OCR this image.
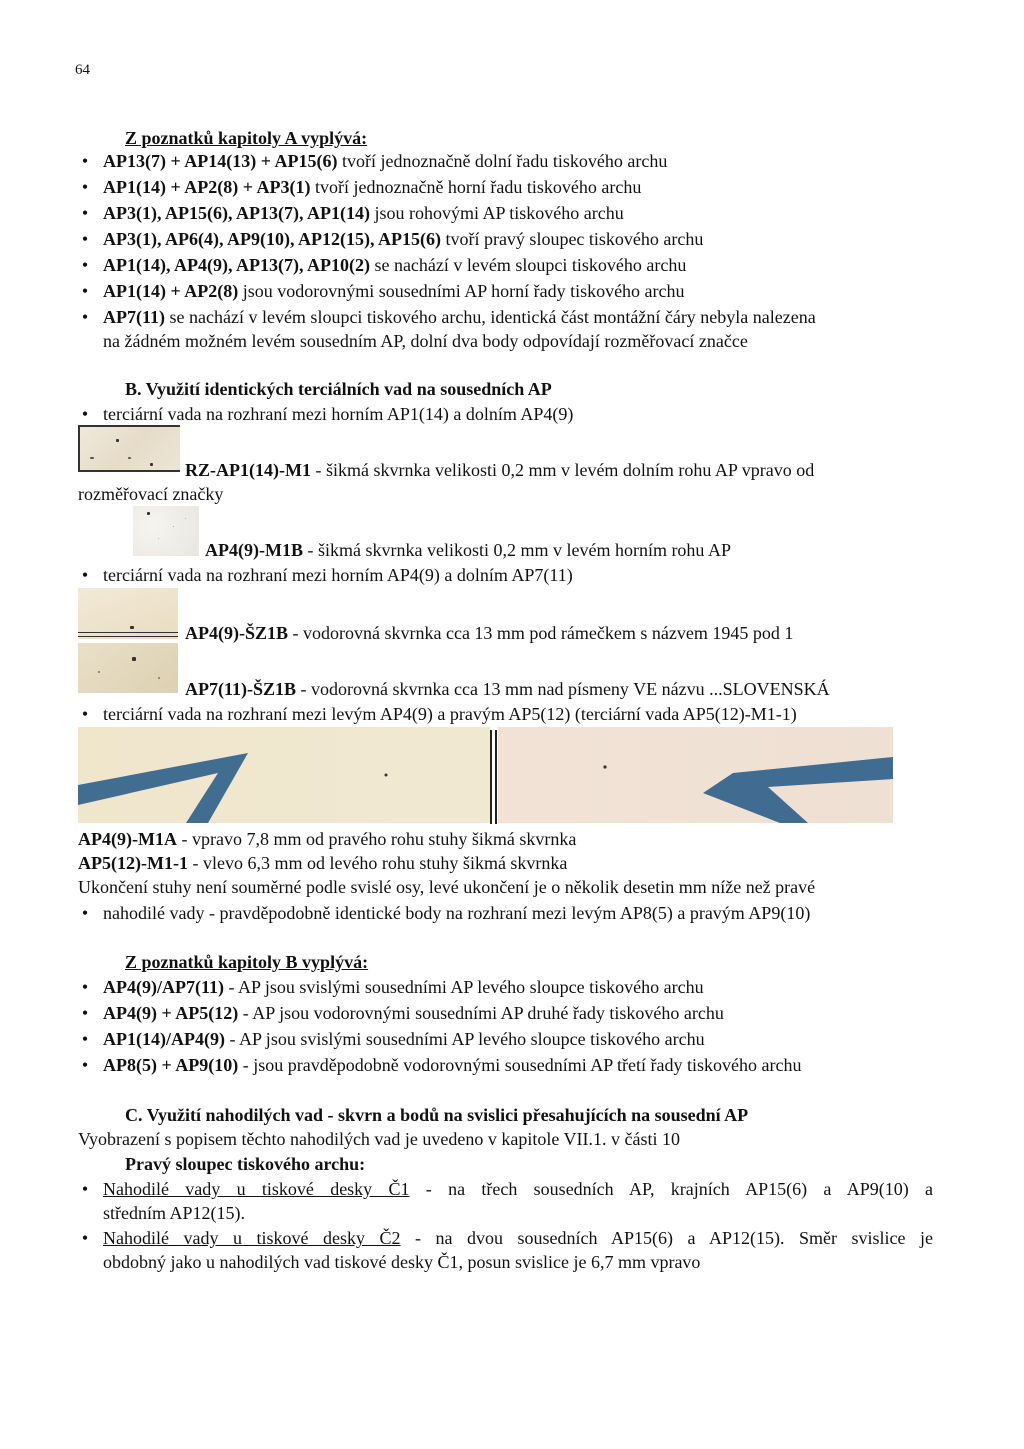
64
Z poznatků kapitoly A vyplývá:
• AP13(7) + AP14(13) + AP15(6) tvoří jednoznačně dolní řadu tiskového archu
• AP1(14) + AP2(8) + AP3(1) tvoří jednoznačně horní řadu tiskového archu
• AP3(1), AP15(6), AP13(7), AP1(14) jsou rohovými AP tiskového archu
• AP3(1), AP6(4), AP9(10), AP12(15), AP15(6) tvoří pravý sloupec tiskového archu
• AP1(14), AP4(9), AP13(7), AP10(2) se nachází v levém sloupci tiskového archu
• AP1(14) + AP2(8) jsou vodorovnými sousedními AP horní řady tiskového archu
• AP7(11) se nachází v levém sloupci tiskového archu, identická část montážní čáry nebyla nalezena
na žádném možném levém sousedním AP, dolní dva body odpovídají rozměřovací značce
B. Využití identických terciálních vad na sousedních AP
• terciární vada na rozhraní mezi horním AP1(14) a dolním AP4(9)
RZ-AP1(14)-M1 - šikmá skvrnka velikosti 0,2 mm v levém dolním rohu AP vpravo od
rozměřovací značky
AP4(9)-M1B - šikmá skvrnka velikosti 0,2 mm v levém horním rohu AP
• terciární vada na rozhraní mezi horním AP4(9) a dolním AP7(11)
AP4(9)-ŠZ1B - vodorovná skvrnka cca 13 mm pod rámečkem s názvem 1945 pod 1
AP7(11)-ŠZ1B - vodorovná skvrnka cca 13 mm nad písmeny VE názvu ...SLOVENSKÁ
• terciární vada na rozhraní mezi levým AP4(9) a pravým AP5(12) (terciární vada AP5(12)-M1-1)
AP4(9)-M1A - vpravo 7,8 mm od pravého rohu stuhy šikmá skvrnka
AP5(12)-M1-1 - vlevo 6,3 mm od levého rohu stuhy šikmá skvrnka
Ukončení stuhy není souměrné podle svislé osy, levé ukončení je o několik desetin mm níže než pravé
• nahodilé vady - pravděpodobně identické body na rozhraní mezi levým AP8(5) a pravým AP9(10)
Z poznatků kapitoly B vyplývá:
• AP4(9)/AP7(11) - AP jsou svislými sousedními AP levého sloupce tiskového archu
• AP4(9) + AP5(12) - AP jsou vodorovnými sousedními AP druhé řady tiskového archu
• AP1(14)/AP4(9) - AP jsou svislými sousedními AP levého sloupce tiskového archu
• AP8(5) + AP9(10) - jsou pravděpodobně vodorovnými sousedními AP třetí řady tiskového archu
C. Využití nahodilých vad - skvrn a bodů na svislici přesahujících na sousední AP
Vyobrazení s popisem těchto nahodilých vad je uvedeno v kapitole VII.1. v části 10
Pravý sloupec tiskového archu:
• Nahodilé vady u tiskové desky Č1 - na třech sousedních AP, krajních AP15(6) a AP9(10) a
středním AP12(15).
• Nahodilé vady u tiskové desky Č2 - na dvou sousedních AP15(6) a AP12(15). Směr svislice je
obdobný jako u nahodilých vad tiskové desky Č1, posun svislice je 6,7 mm vpravo
